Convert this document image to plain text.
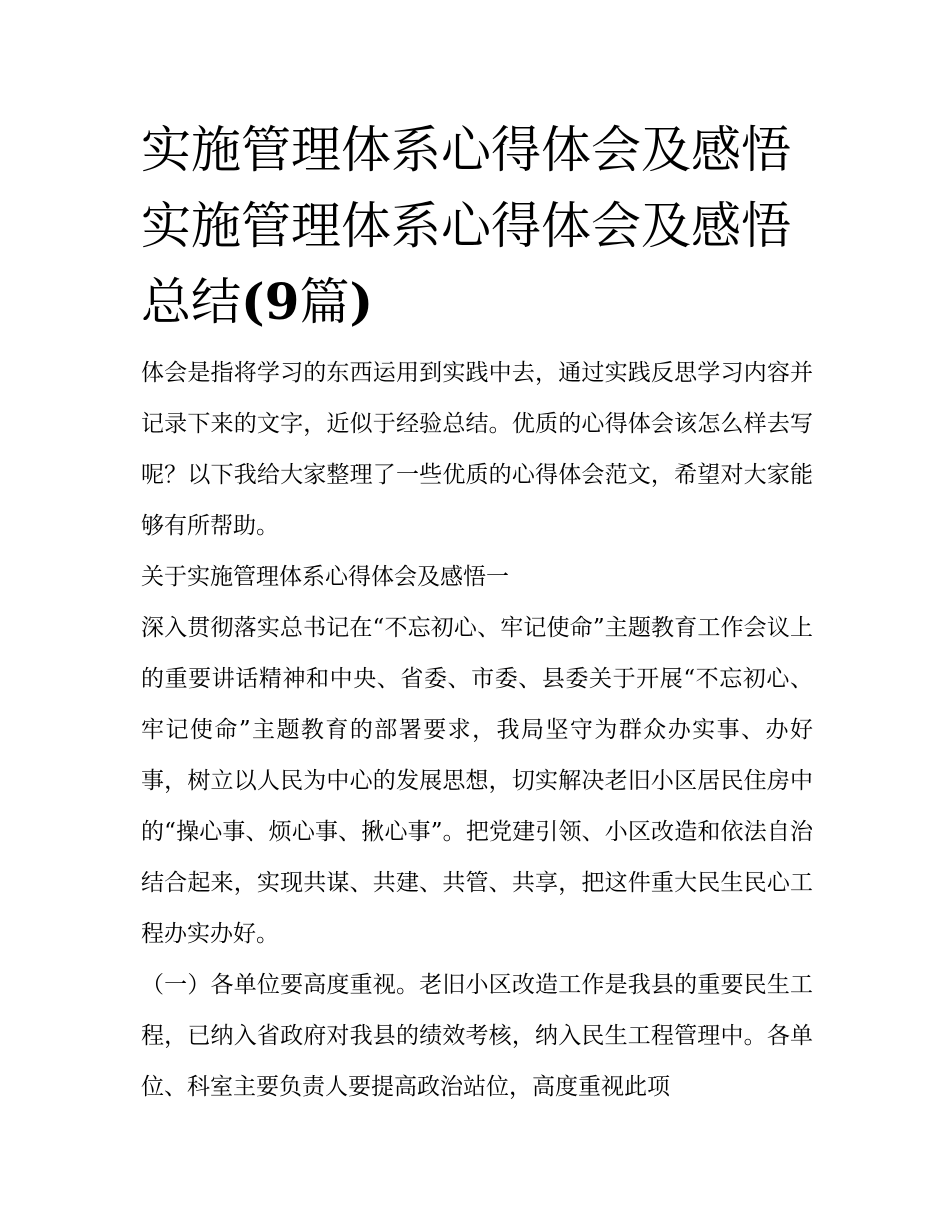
实施管理体系心得体会及感悟
实施管理体系心得体会及感悟
总结(9篇)

体会是指将学习的东西运用到实践中去，通过实践反思学习内容并记录下来的文字，近似于经验总结。优质的心得体会该怎么样去写呢？以下我给大家整理了一些优质的心得体会范文，希望对大家能够有所帮助。

关于实施管理体系心得体会及感悟一

深入贯彻落实总书记在“不忘初心、牢记使命”主题教育工作会议上的重要讲话精神和中央、省委、市委、县委关于开展“不忘初心、牢记使命”主题教育的部署要求，我局坚守为群众办实事、办好事，树立以人民为中心的发展思想，切实解决老旧小区居民住房中的“操心事、烦心事、揪心事”。把党建引领、小区改造和依法自治结合起来，实现共谋、共建、共管、共享，把这件重大民生民心工程办实办好。

（一）各单位要高度重视。老旧小区改造工作是我县的重要民生工程，已纳入省政府对我县的绩效考核，纳入民生工程管理中。各单位、科室主要负责人要提高政治站位，高度重视此项
